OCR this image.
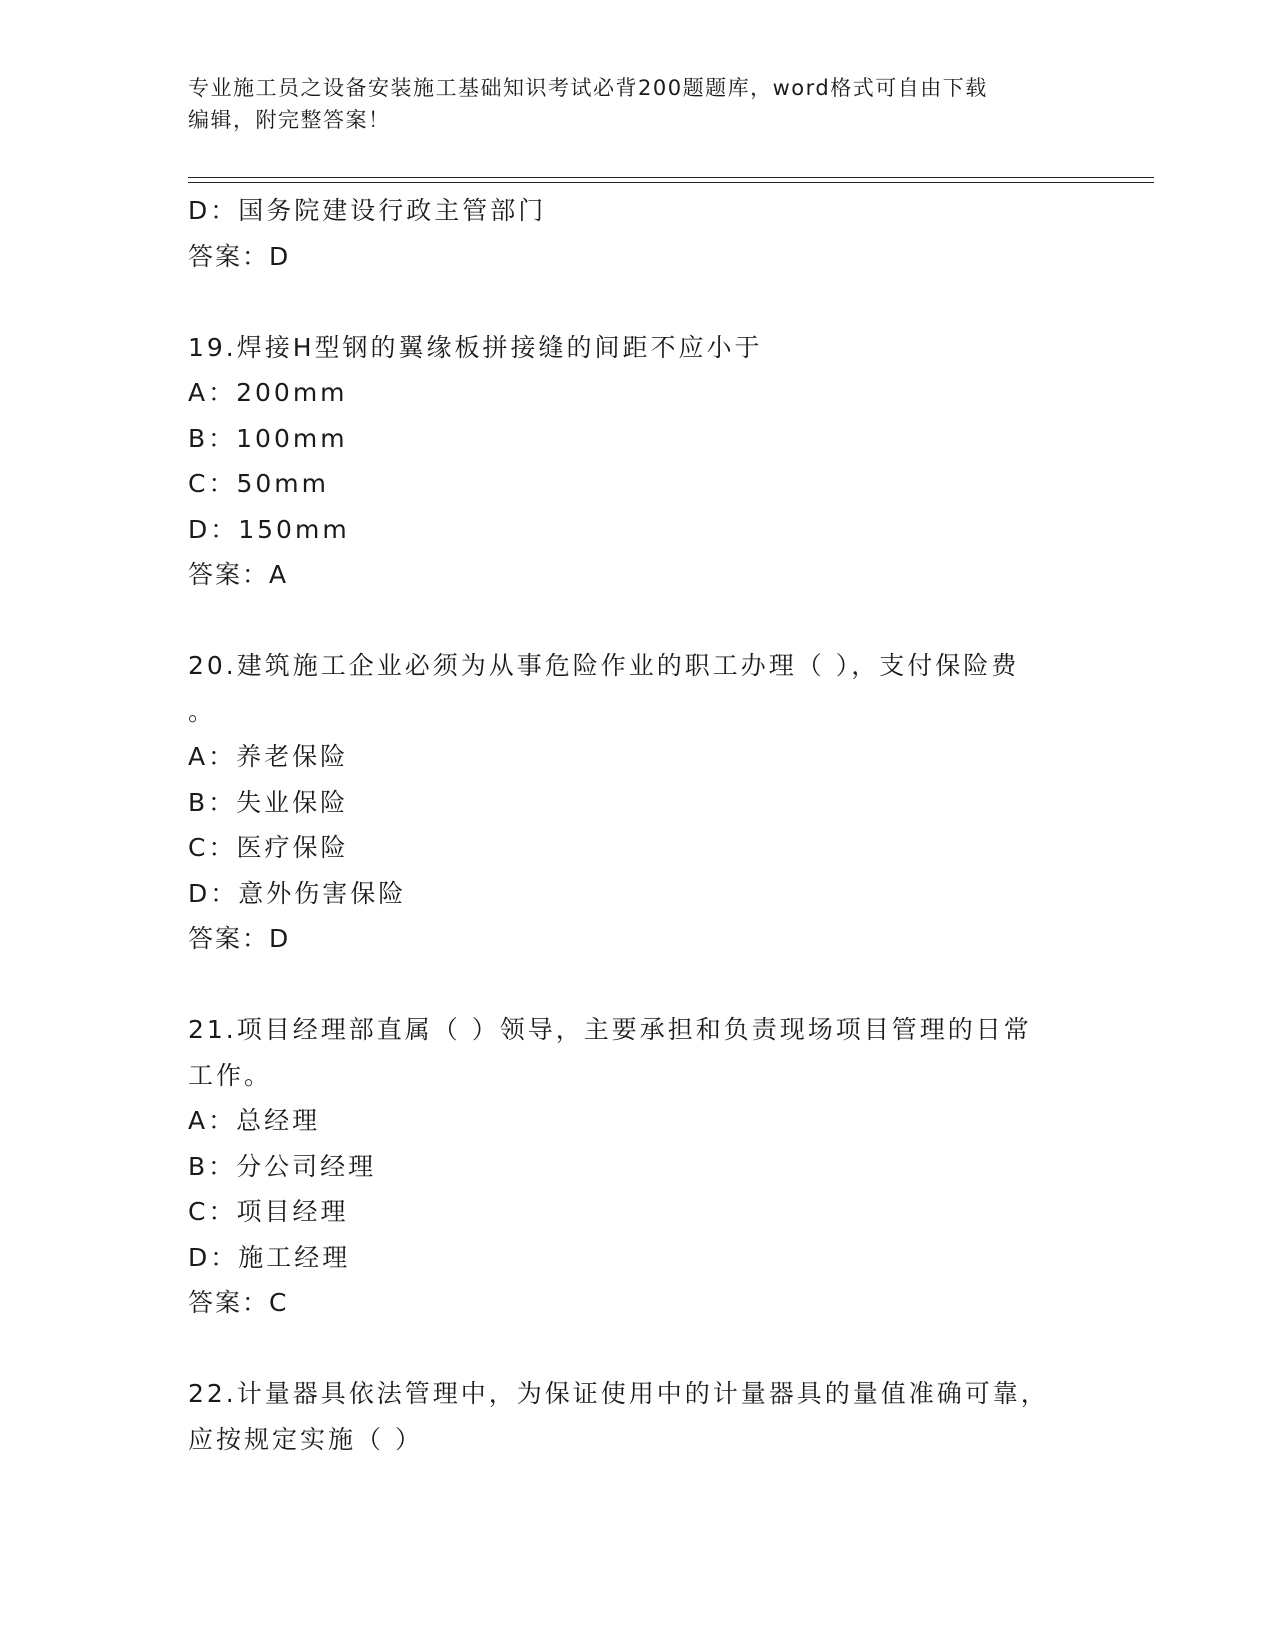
专业施工员之设备安装施工基础知识考试必背200题题库，word格式可自由下载
编辑，附完整答案！
D：国务院建设行政主管部门
答案：D
19.焊接H型钢的翼缘板拼接缝的间距不应小于
A：200mm
B：100mm
C：50mm
D：150mm
答案：A
20.建筑施工企业必须为从事危险作业的职工办理（ ），支付保险费
。
A：养老保险
B：失业保险
C：医疗保险
D：意外伤害保险
答案：D
21.项目经理部直属（ ）领导，主要承担和负责现场项目管理的日常
工作。
A：总经理
B：分公司经理
C：项目经理
D：施工经理
答案：C
22.计量器具依法管理中，为保证使用中的计量器具的量值准确可靠，
应按规定实施（ ）
